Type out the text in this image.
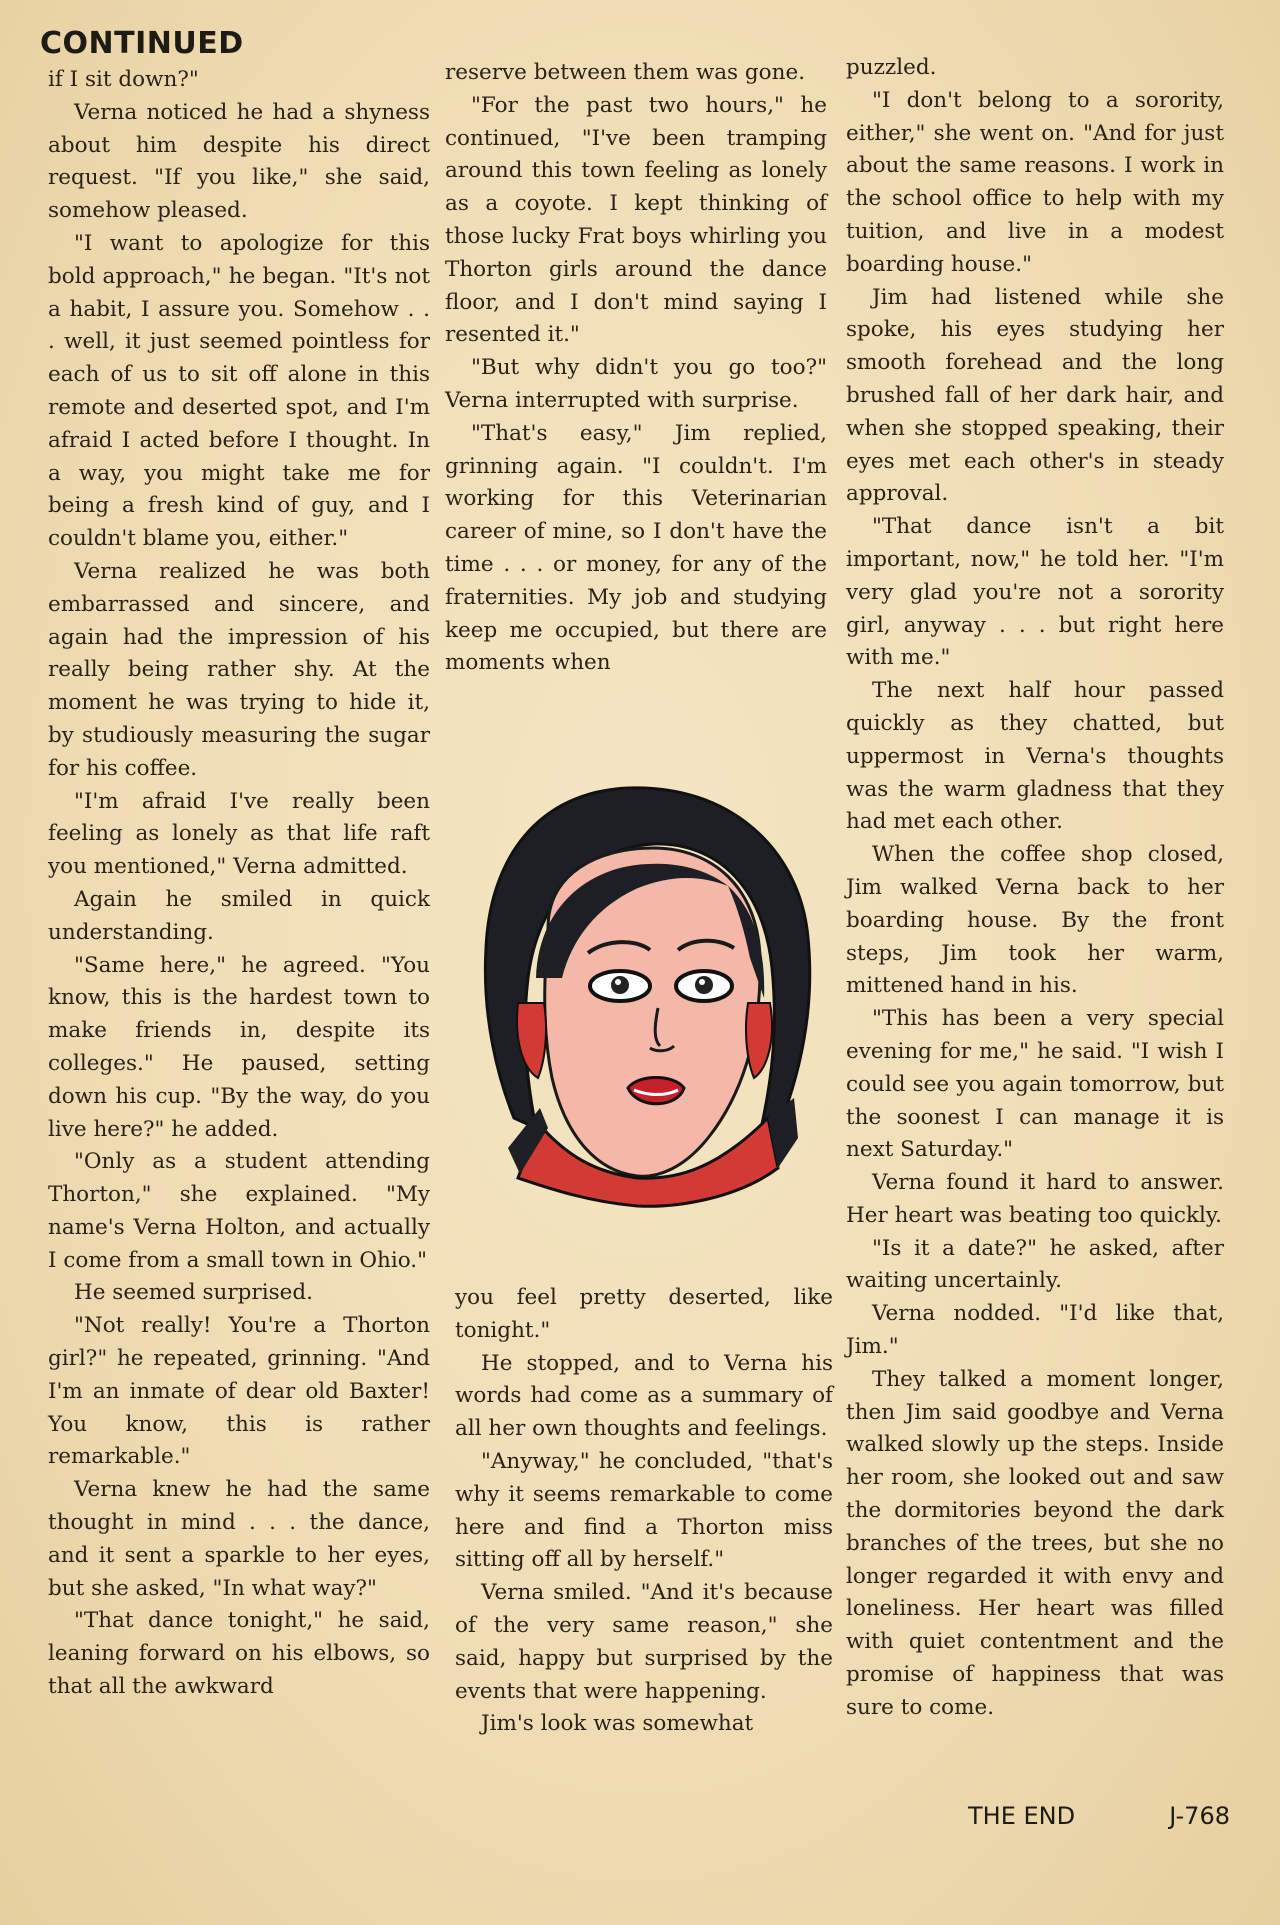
CONTINUED

if I sit down?"

Verna noticed he had a shyness about him despite his direct request. "If you like," she said, somehow pleased.

"I want to apologize for this bold approach," he began. "It's not a habit, I assure you. Somehow . . . well, it just seemed pointless for each of us to sit off alone in this remote and deserted spot, and I'm afraid I acted before I thought. In a way, you might take me for being a fresh kind of guy, and I couldn't blame you, either."

Verna realized he was both embarrassed and sincere, and again had the impression of his really being rather shy. At the moment he was trying to hide it, by studiously measuring the sugar for his coffee.

"I'm afraid I've really been feeling as lonely as that life raft you mentioned," Verna admitted.

Again he smiled in quick understanding.

"Same here," he agreed. "You know, this is the hardest town to make friends in, despite its colleges." He paused, setting down his cup. "By the way, do you live here?" he added.

"Only as a student attending Thorton," she explained. "My name's Verna Holton, and actually I come from a small town in Ohio."

He seemed surprised.

"Not really! You're a Thorton girl?" he repeated, grinning. "And I'm an inmate of dear old Baxter! You know, this is rather remarkable."

Verna knew he had the same thought in mind . . . the dance, and it sent a sparkle to her eyes, but she asked, "In what way?"

"That dance tonight," he said, leaning forward on his elbows, so that all the awkward

reserve between them was gone.

"For the past two hours," he continued, "I've been tramping around this town feeling as lonely as a coyote. I kept thinking of those lucky Frat boys whirling you Thorton girls around the dance floor, and I don't mind saying I resented it."

"But why didn't you go too?" Verna interrupted with surprise.

"That's easy," Jim replied, grinning again. "I couldn't. I'm working for this Veterinarian career of mine, so I don't have the time . . . or money, for any of the fraternities. My job and studying keep me occupied, but there are moments when

you feel pretty deserted, like tonight."

He stopped, and to Verna his words had come as a summary of all her own thoughts and feelings.

"Anyway," he concluded, "that's why it seems remarkable to come here and find a Thorton miss sitting off all by herself."

Verna smiled. "And it's because of the very same reason," she said, happy but surprised by the events that were happening.

Jim's look was somewhat

puzzled.

"I don't belong to a sorority, either," she went on. "And for just about the same reasons. I work in the school office to help with my tuition, and live in a modest boarding house."

Jim had listened while she spoke, his eyes studying her smooth forehead and the long brushed fall of her dark hair, and when she stopped speaking, their eyes met each other's in steady approval.

"That dance isn't a bit important, now," he told her. "I'm very glad you're not a sorority girl, anyway . . . but right here with me."

The next half hour passed quickly as they chatted, but uppermost in Verna's thoughts was the warm gladness that they had met each other.

When the coffee shop closed, Jim walked Verna back to her boarding house. By the front steps, Jim took her warm, mittened hand in his.

"This has been a very special evening for me," he said. "I wish I could see you again tomorrow, but the soonest I can manage it is next Saturday."

Verna found it hard to answer. Her heart was beating too quickly.

"Is it a date?" he asked, after waiting uncertainly.

Verna nodded. "I'd like that, Jim."

They talked a moment longer, then Jim said goodbye and Verna walked slowly up the steps. Inside her room, she looked out and saw the dormitories beyond the dark branches of the trees, but she no longer regarded it with envy and loneliness. Her heart was filled with quiet contentment and the promise of happiness that was sure to come.

THE END	J-768
